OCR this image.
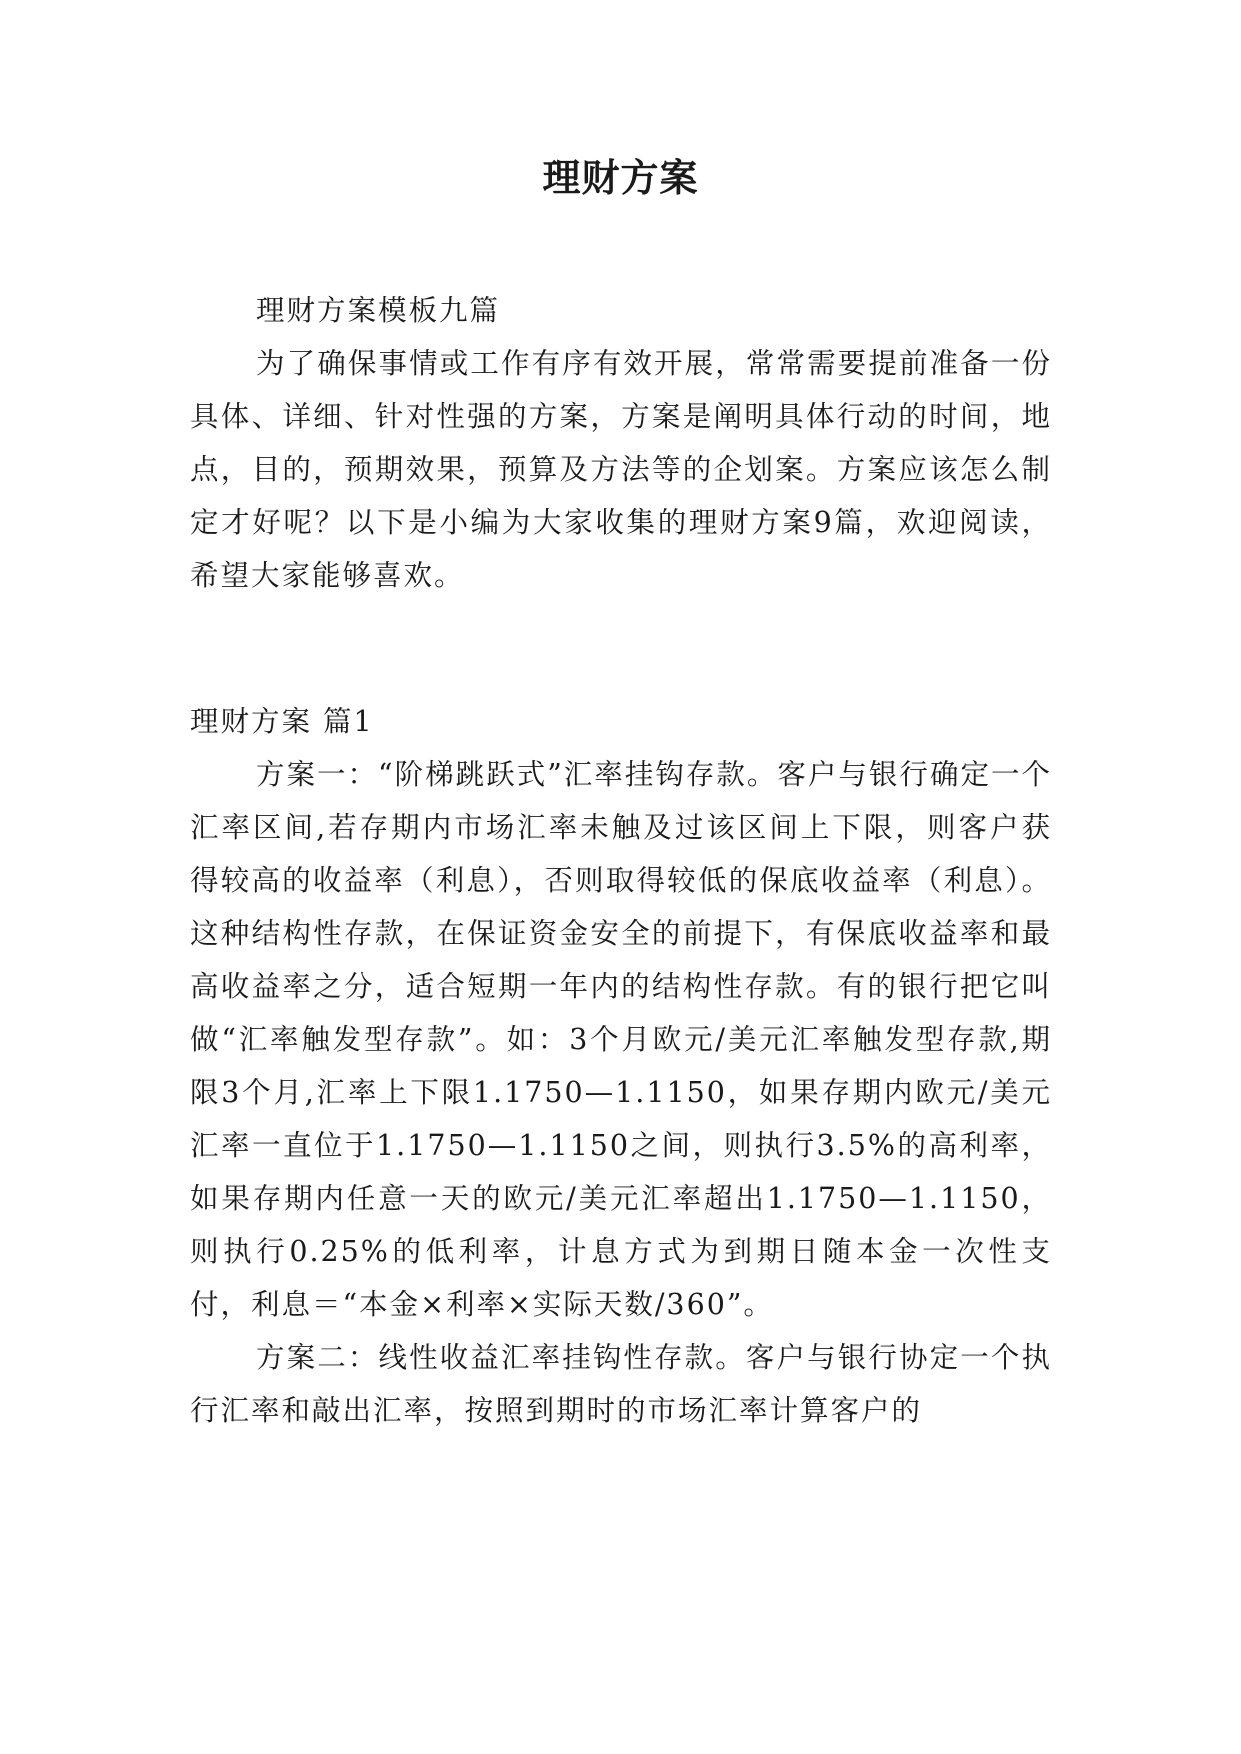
理财方案

理财方案模板九篇

为了确保事情或工作有序有效开展，常常需要提前准备一份具体、详细、针对性强的方案，方案是阐明具体行动的时间，地点，目的，预期效果，预算及方法等的企划案。方案应该怎么制定才好呢？以下是小编为大家收集的理财方案9篇，欢迎阅读，希望大家能够喜欢。

理财方案 篇1

方案一：“阶梯跳跃式”汇率挂钩存款。客户与银行确定一个汇率区间,若存期内市场汇率未触及过该区间上下限，则客户获得较高的收益率（利息），否则取得较低的保底收益率（利息）。这种结构性存款，在保证资金安全的前提下，有保底收益率和最高收益率之分，适合短期一年内的结构性存款。有的银行把它叫做“汇率触发型存款”。如：3个月欧元/美元汇率触发型存款,期限3个月,汇率上下限1.1750—1.1150，如果存期内欧元/美元汇率一直位于1.1750—1.1150之间，则执行3.5%的高利率，如果存期内任意一天的欧元/美元汇率超出1.1750—1.1150，则执行0.25%的低利率，计息方式为到期日随本金一次性支付，利息＝“本金×利率×实际天数/360”。

方案二：线性收益汇率挂钩性存款。客户与银行协定一个执行汇率和敲出汇率，按照到期时的市场汇率计算客户的
